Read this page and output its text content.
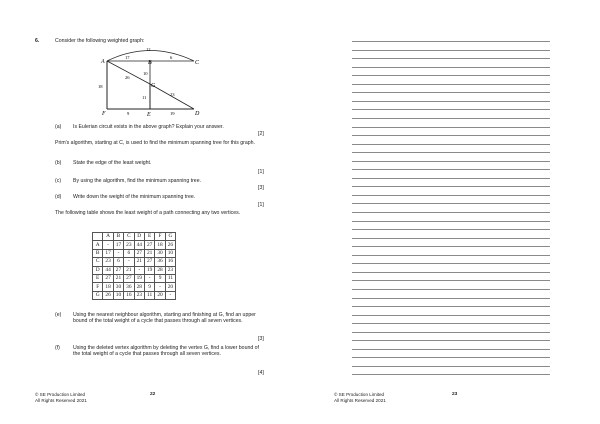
6.	Consider the following weighted graph:
A	B	C
G
F	E	D
12
17	6
18
26
10
11
23
9	19
(a) Is Eulerian circuit exists in the above graph? Explain your answer.
[2]
Prim's algorithm, starting at C, is used to find the minimum spanning tree for this graph.
(b) State the edge of the least weight.
[1]
(c) By using the algorithm, find the minimum spanning tree.
[3]
(d) Write down the weight of the minimum spanning tree.
[1]
The following table shows the least weight of a path connecting any two vertices.
	A	B	C	D	E	F	G
A	-	17	23	44	27	18	26
B	17	-	6	27	21	30	10
C	23	6	-	21	27	36	16
D	44	27	21	-	19	28	23
E	27	21	27	19	-	9	11
F	18	30	36	28	9	-	20
G	26	10	16	23	11	20	-
(e) Using the nearest neighbour algorithm, starting and finishing at G, find an upper bound of the total weight of a cycle that passes through all seven vertices.
[3]
(f)	Using the deleted vertex algorithm by deleting the vertex G, find a lower bound of the total weight of a cycle that passes through all seven vertices.
[4]
© SE Production Limited
All Rights Reserved 2021
22	© SE Production Limited
All Rights Reserved 2021
23
